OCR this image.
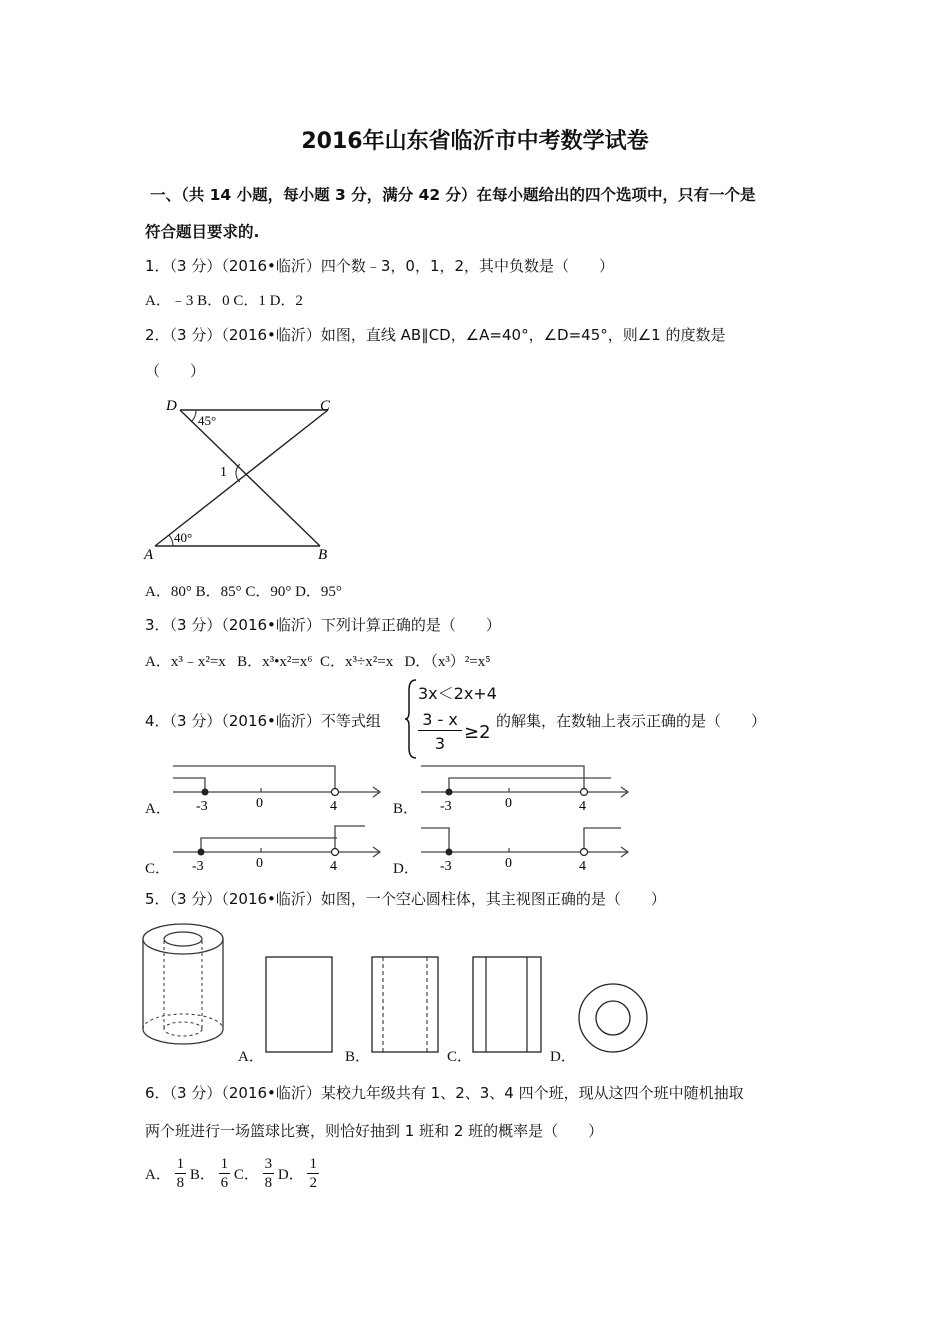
2016年山东省临沂市中考数学试卷
一、（共 14 小题，每小题 3 分，满分 42 分）在每小题给出的四个选项中，只有一个是
符合题目要求的.
1．（3 分）（2016•临沂）四个数﹣3，0，1，2，其中负数是（　　）
A．﹣3 B．0 C．1 D．2
2．（3 分）（2016•临沂）如图，直线 AB∥CD，∠A=40°，∠D=45°，则∠1 的度数是
（　　）
D	C
A	B
45°
40°
1
A．80° B．85° C．90° D．95°
3．（3 分）（2016•临沂）下列计算正确的是（　　）
A．x³﹣x²=x B．x³•x²=x⁶ C．x³÷x²=x D．（x³）²=x⁵
4．（3 分）（2016•临沂）不等式组
3x＜2x+4
3 - x
3
≥2
的解集，在数轴上表示正确的是（　　）
A． -3	0	4	B． -3	0	4
C． -3	0	4	D． -3	0	4
5．（3 分）（2016•临沂）如图，一个空心圆柱体，其主视图正确的是（　　）
A．	B．	C．	D．
6．（3 分）（2016•临沂）某校九年级共有 1、2、3、4 四个班，现从这四个班中随机抽取
两个班进行一场篮球比赛，则恰好抽到 1 班和 2 班的概率是（　　）
A． $\frac{1}{8}$ B． $\frac{1}{6}$ C． $\frac{3}{8}$ D． $\frac{1}{2}$
